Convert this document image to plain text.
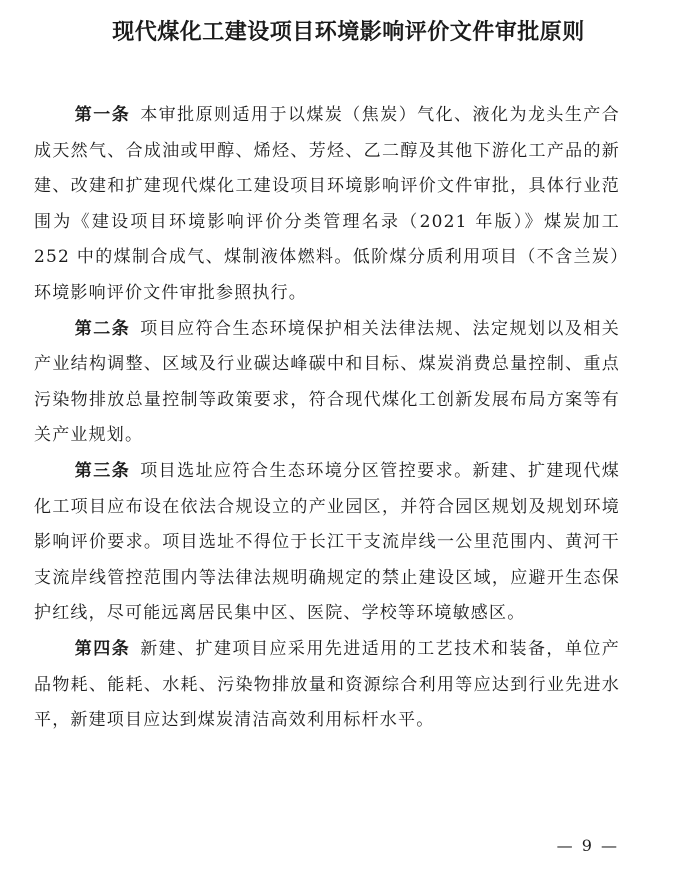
现代煤化工建设项目环境影响评价文件审批原则

第一条 本审批原则适用于以煤炭（焦炭）气化、液化为龙头生产合成天然气、合成油或甲醇、烯烃、芳烃、乙二醇及其他下游化工产品的新建、改建和扩建现代煤化工建设项目环境影响评价文件审批，具体行业范围为《建设项目环境影响评价分类管理名录（2021 年版）》煤炭加工 252 中的煤制合成气、煤制液体燃料。低阶煤分质利用项目（不含兰炭）环境影响评价文件审批参照执行。

第二条 项目应符合生态环境保护相关法律法规、法定规划以及相关产业结构调整、区域及行业碳达峰碳中和目标、煤炭消费总量控制、重点污染物排放总量控制等政策要求，符合现代煤化工创新发展布局方案等有关产业规划。

第三条 项目选址应符合生态环境分区管控要求。新建、扩建现代煤化工项目应布设在依法合规设立的产业园区，并符合园区规划及规划环境影响评价要求。项目选址不得位于长江干支流岸线一公里范围内、黄河干支流岸线管控范围内等法律法规明确规定的禁止建设区域，应避开生态保护红线，尽可能远离居民集中区、医院、学校等环境敏感区。

第四条 新建、扩建项目应采用先进适用的工艺技术和装备，单位产品物耗、能耗、水耗、污染物排放量和资源综合利用等应达到行业先进水平，新建项目应达到煤炭清洁高效利用标杆水平。

— 9 —
